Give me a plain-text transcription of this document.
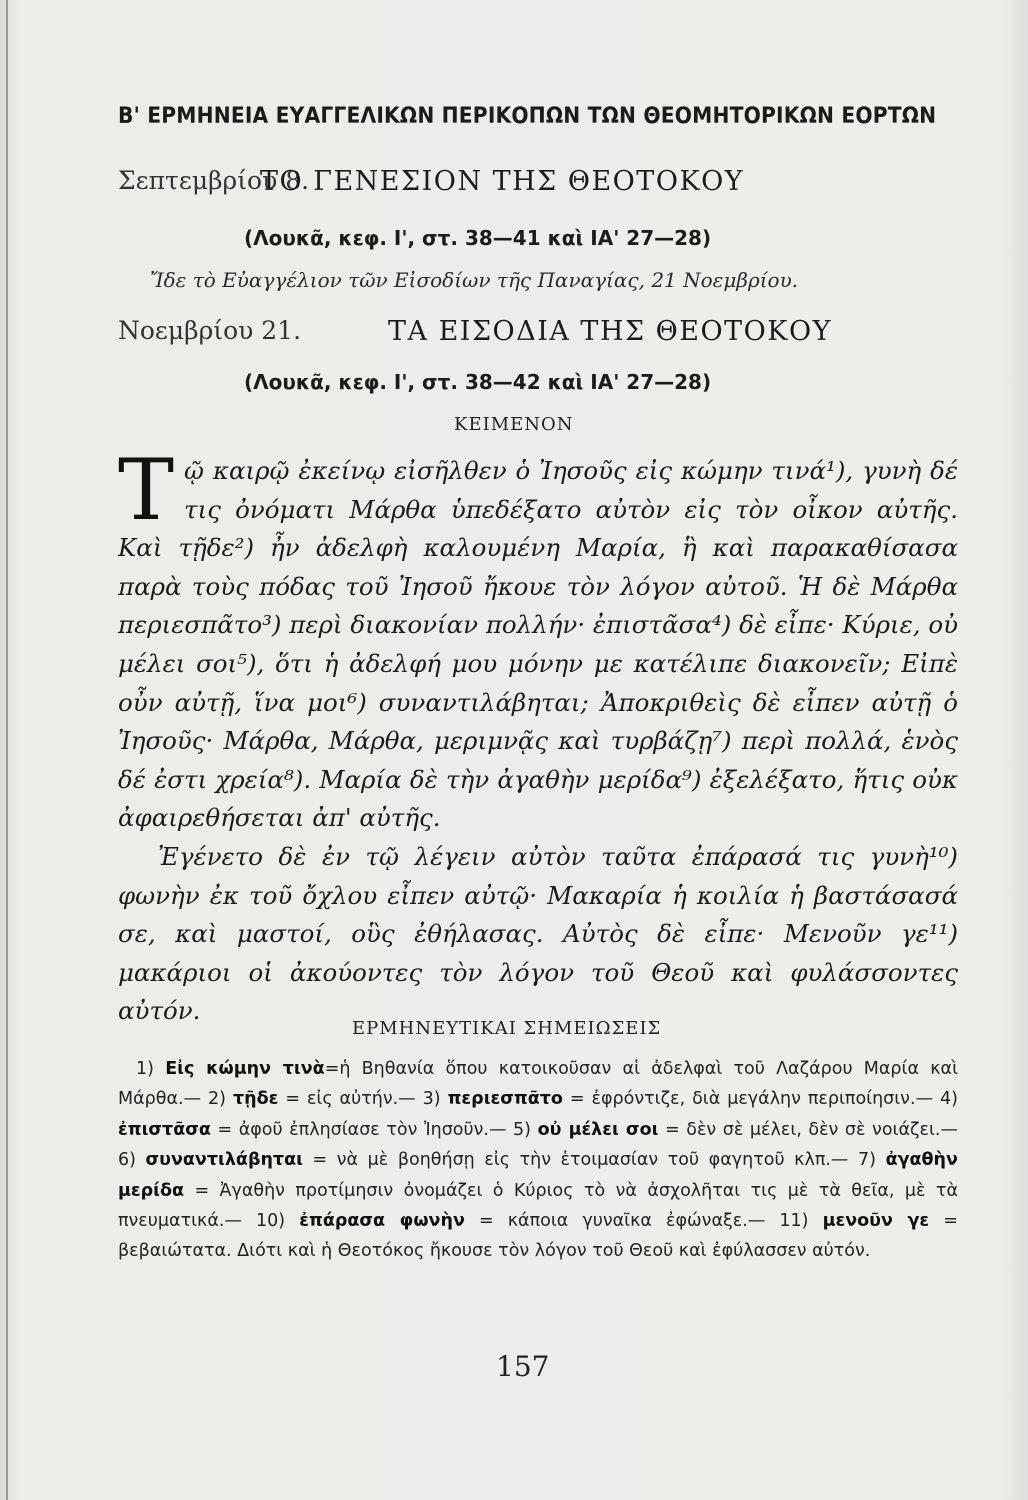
Β' ΕΡΜΗΝΕΙΑ ΕΥΑΓΓΕΛΙΚΩΝ ΠΕΡΙΚΟΠΩΝ ΤΩΝ ΘΕΟΜΗΤΟΡΙΚΩΝ ΕΟΡΤΩΝ
Σεπτεμβρίου 8.
ΤΟ ΓΕΝΕΣΙΟΝ ΤΗΣ ΘΕΟΤΟΚΟΥ
(Λουκᾶ, κεφ. Ι', στ. 38—41 καὶ ΙΑ' 27—28)
Ἴδε τὸ Εὐαγγέλιον τῶν Εἰσοδίων τῆς Παναγίας, 21 Νοεμβρίου.
Νοεμβρίου 21.	ΤΑ ΕΙΣΟΔΙΑ ΤΗΣ ΘΕΟΤΟΚΟΥ
(Λουκᾶ, κεφ. Ι', στ. 38—42 καὶ ΙΑ' 27—28)
ΚΕΙΜΕΝΟΝ

Τῷ καιρῷ ἐκείνῳ εἰσῆλθεν ὁ Ἰησοῦς εἰς κώμην τινά¹), γυνὴ δέ τις ὀνόματι Μάρθα ὑπεδέξατο αὐτὸν εἰς τὸν οἶκον αὐτῆς. Καὶ τῇδε²) ἦν ἀδελφὴ καλουμένη Μαρία, ἣ καὶ παρακαθίσασα παρὰ τοὺς πόδας τοῦ Ἰησοῦ ἤκουε τὸν λόγον αὐτοῦ. Ἡ δὲ Μάρθα περιεσπᾶτο³) περὶ διακονίαν πολλήν· ἐπιστᾶσα⁴) δὲ εἶπε· Κύριε, οὐ μέλει σοι⁵), ὅτι ἡ ἀδελφή μου μόνην με κατέλιπε διακονεῖν; Εἰπὲ οὖν αὐτῇ, ἵνα μοι⁶) συναντιλάβηται; Ἀποκριθεὶς δὲ εἶπεν αὐτῇ ὁ Ἰησοῦς· Μάρθα, Μάρθα, μεριμνᾷς καὶ τυρβάζῃ⁷) περὶ πολλά, ἑνὸς δέ ἐστι χρεία⁸). Μαρία δὲ τὴν ἀγαθὴν μερίδα⁹) ἐξελέξατο, ἥτις οὐκ ἀφαιρεθήσεται ἀπ' αὐτῆς.

Ἐγένετο δὲ ἐν τῷ λέγειν αὐτὸν ταῦτα ἐπάρασά τις γυνὴ¹⁰) φωνὴν ἐκ τοῦ ὄχλου εἶπεν αὐτῷ· Μακαρία ἡ κοιλία ἡ βαστάσασά σε, καὶ μαστοί, οὓς ἐθήλασας. Αὐτὸς δὲ εἶπε· Μενοῦν γε¹¹) μακάριοι οἱ ἀκούοντες τὸν λόγον τοῦ Θεοῦ καὶ φυλάσσοντες αὐτόν.

ΕΡΜΗΝΕΥΤΙΚΑΙ ΣΗΜΕΙΩΣΕΙΣ

1) Εἰς κώμην τινὰ=ἡ Βηθανία ὅπου κατοικοῦσαν αἱ ἀδελφαὶ τοῦ Λαζάρου Μαρία καὶ Μάρθα.— 2) τῇδε = εἰς αὐτήν.— 3) περιεσπᾶτο = ἐφρόντιζε, διὰ μεγάλην περιποίησιν.— 4) ἐπιστᾶσα = ἀφοῦ ἐπλησίασε τὸν Ἰησοῦν.— 5) οὐ μέλει σοι = δὲν σὲ μέλει, δὲν σὲ νοιάζει.— 6) συναντιλάβηται = νὰ μὲ βοηθήσῃ εἰς τὴν ἑτοιμασίαν τοῦ φαγητοῦ κλπ.— 7) ἀγαθὴν μερίδα = Ἀγαθὴν προτίμησιν ὀνομάζει ὁ Κύριος τὸ νὰ ἀσχολῆται τις μὲ τὰ θεῖα, μὲ τὰ πνευματικά.— 10) ἐπάρασα φωνὴν = κάποια γυναῖκα ἐφώναξε.— 11) μενοῦν γε = βεβαιώτατα. Διότι καὶ ἡ Θεοτόκος ἤκουσε τὸν λόγον τοῦ Θεοῦ καὶ ἐφύλασσεν αὐτόν.

157
